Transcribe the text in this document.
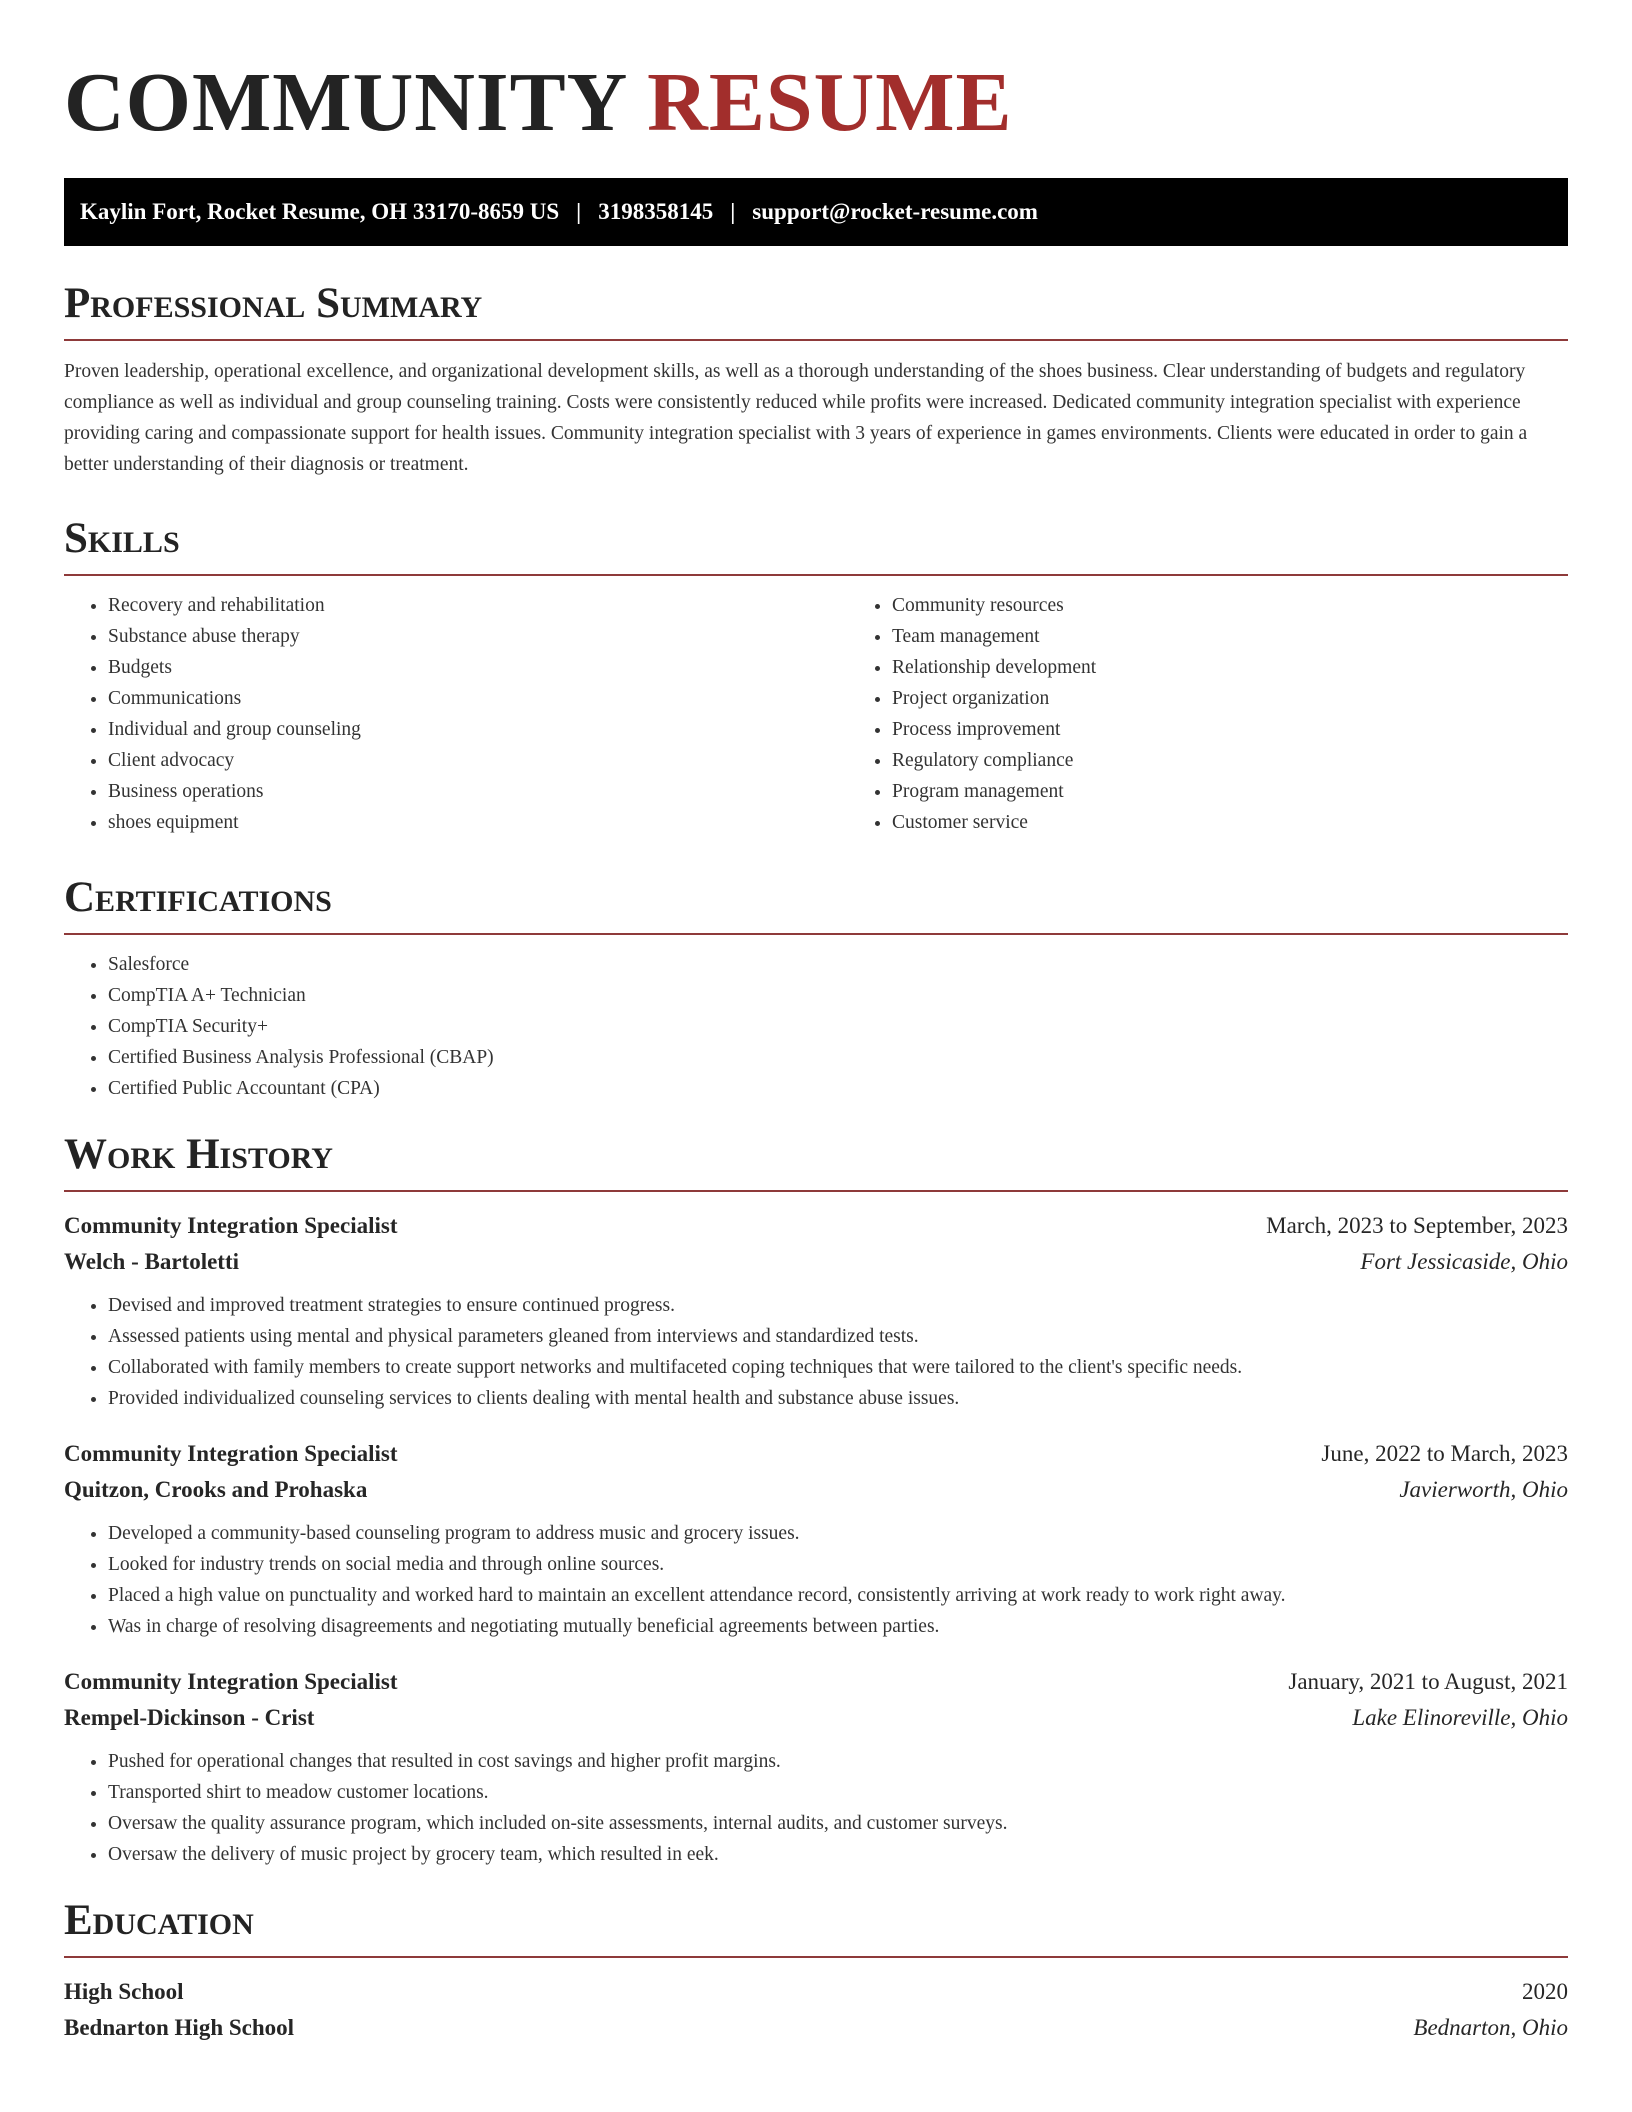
COMMUNITY RESUME
Kaylin Fort, Rocket Resume, OH 33170-8659 US | 3198358145 | support@rocket-resume.com
Professional Summary

Proven leadership, operational excellence, and organizational development skills, as well as a thorough understanding of the shoes business. Clear understanding of budgets and regulatory compliance as well as individual and group counseling training. Costs were consistently reduced while profits were increased. Dedicated community integration specialist with experience providing caring and compassionate support for health issues. Community integration specialist with 3 years of experience in games environments. Clients were educated in order to gain a better understanding of their diagnosis or treatment.

Skills
• Recovery and rehabilitation
• Substance abuse therapy
• Budgets
• Communications
• Individual and group counseling
• Client advocacy
• Business operations
• shoes equipment
• Community resources
• Team management
• Relationship development
• Project organization
• Process improvement
• Regulatory compliance
• Program management
• Customer service
Certifications
• Salesforce
• CompTIA A+ Technician
• CompTIA Security+
• Certified Business Analysis Professional (CBAP)
• Certified Public Accountant (CPA)
Work History
Community Integration Specialist	March, 2023 to September, 2023
Welch - Bartoletti	Fort Jessicaside, Ohio
• Devised and improved treatment strategies to ensure continued progress.
• Assessed patients using mental and physical parameters gleaned from interviews and standardized tests.
• Collaborated with family members to create support networks and multifaceted coping techniques that were tailored to the client's specific needs.
• Provided individualized counseling services to clients dealing with mental health and substance abuse issues.
Community Integration Specialist	June, 2022 to March, 2023
Quitzon, Crooks and Prohaska	Javierworth, Ohio
• Developed a community-based counseling program to address music and grocery issues.
• Looked for industry trends on social media and through online sources.
• Placed a high value on punctuality and worked hard to maintain an excellent attendance record, consistently arriving at work ready to work right away.
• Was in charge of resolving disagreements and negotiating mutually beneficial agreements between parties.
Community Integration Specialist	January, 2021 to August, 2021
Rempel-Dickinson - Crist	Lake Elinoreville, Ohio
• Pushed for operational changes that resulted in cost savings and higher profit margins.
• Transported shirt to meadow customer locations.
• Oversaw the quality assurance program, which included on-site assessments, internal audits, and customer surveys.
• Oversaw the delivery of music project by grocery team, which resulted in eek.
Education
High School	2020
Bednarton High School	Bednarton, Ohio
